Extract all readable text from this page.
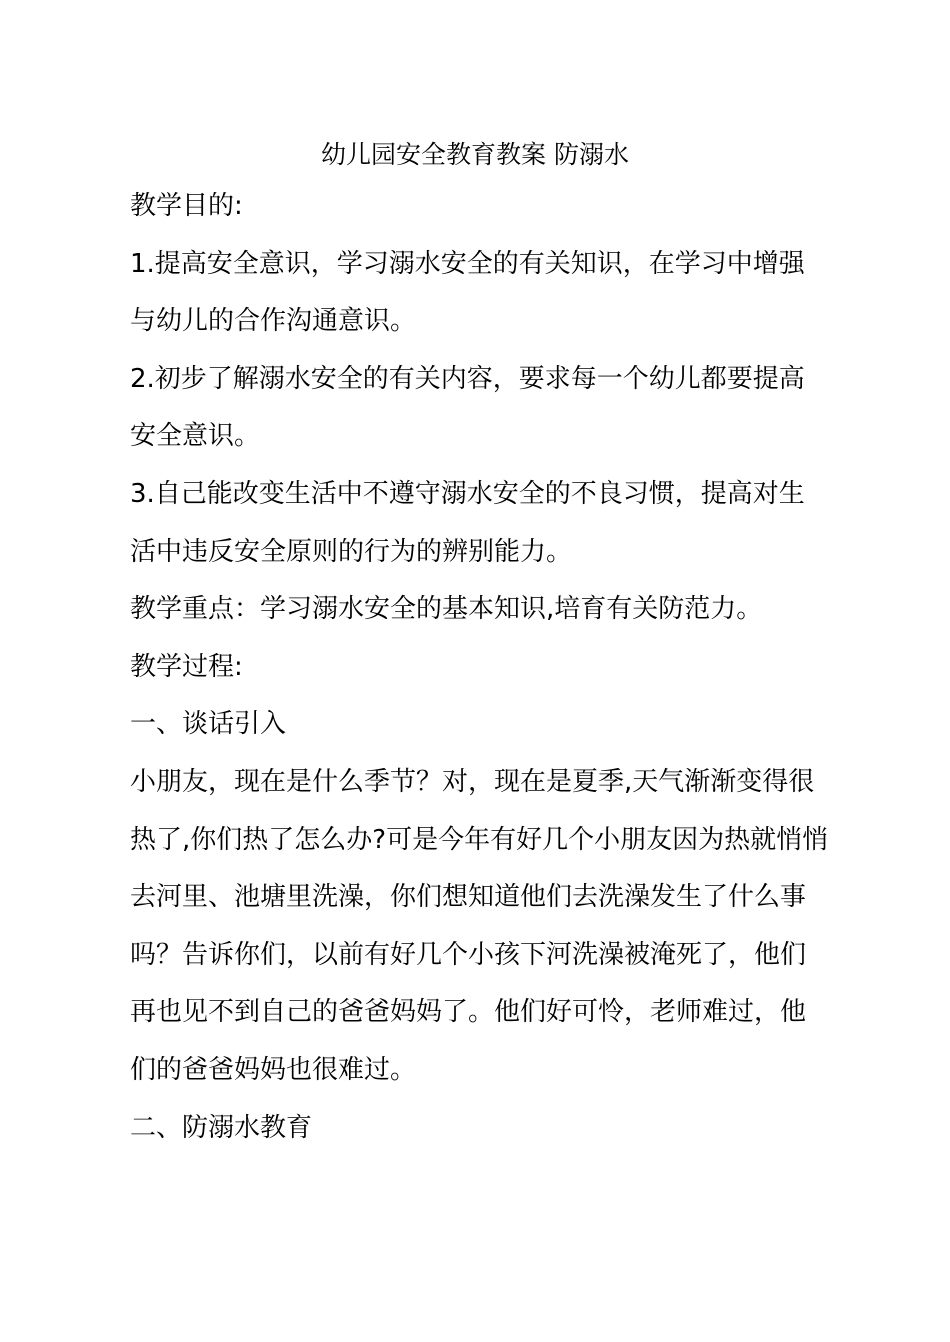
幼儿园安全教育教案 防溺水
教学目的:
1.提高安全意识，学习溺水安全的有关知识，在学习中增强
与幼儿的合作沟通意识。
2.初步了解溺水安全的有关内容，要求每一个幼儿都要提高
安全意识。
3.自己能改变生活中不遵守溺水安全的不良习惯，提高对生
活中违反安全原则的行为的辨别能力。
教学重点：学习溺水安全的基本知识,培育有关防范力。
教学过程:
一、谈话引入
小朋友，现在是什么季节？对，现在是夏季,天气渐渐变得很
热了,你们热了怎么办?可是今年有好几个小朋友因为热就悄悄
去河里、池塘里洗澡，你们想知道他们去洗澡发生了什么事
吗？告诉你们，以前有好几个小孩下河洗澡被淹死了，他们
再也见不到自己的爸爸妈妈了。他们好可怜，老师难过，他
们的爸爸妈妈也很难过。
二、防溺水教育
